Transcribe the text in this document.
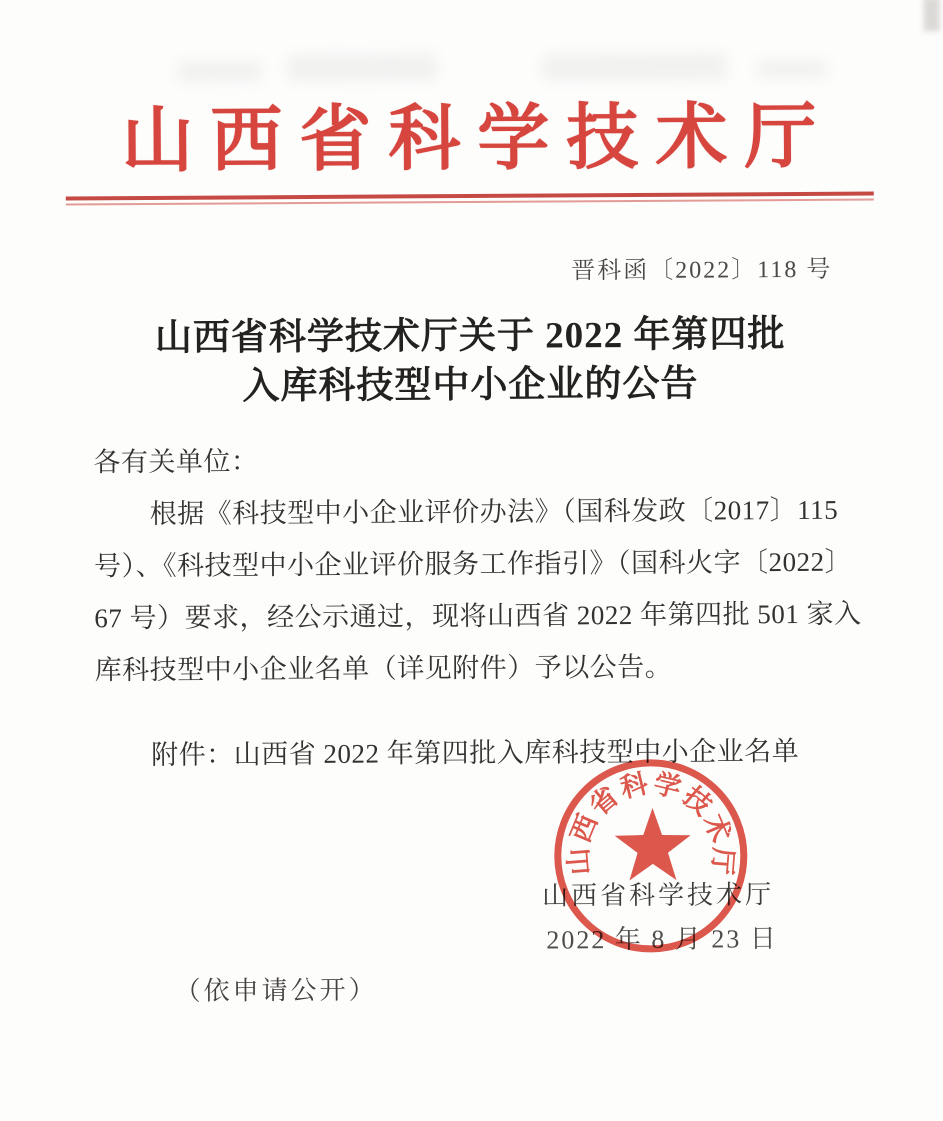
山西省科学技术厅
晋科函〔2022〕118 号
山西省科学技术厅关于 2022 年第四批
入库科技型中小企业的公告
各有关单位：
根据《科技型中小企业评价办法》（国科发政〔2017〕115
号）、《科技型中小企业评价服务工作指引》（国科火字〔2022〕
67 号）要求，经公示通过，现将山西省 2022 年第四批 501 家入
库科技型中小企业名单（详见附件）予以公告。
附件：山西省 2022 年第四批入库科技型中小企业名单
山西省科学技术厅
2022 年 8 月 23 日
山西省科学技术厅
（依申请公开）
